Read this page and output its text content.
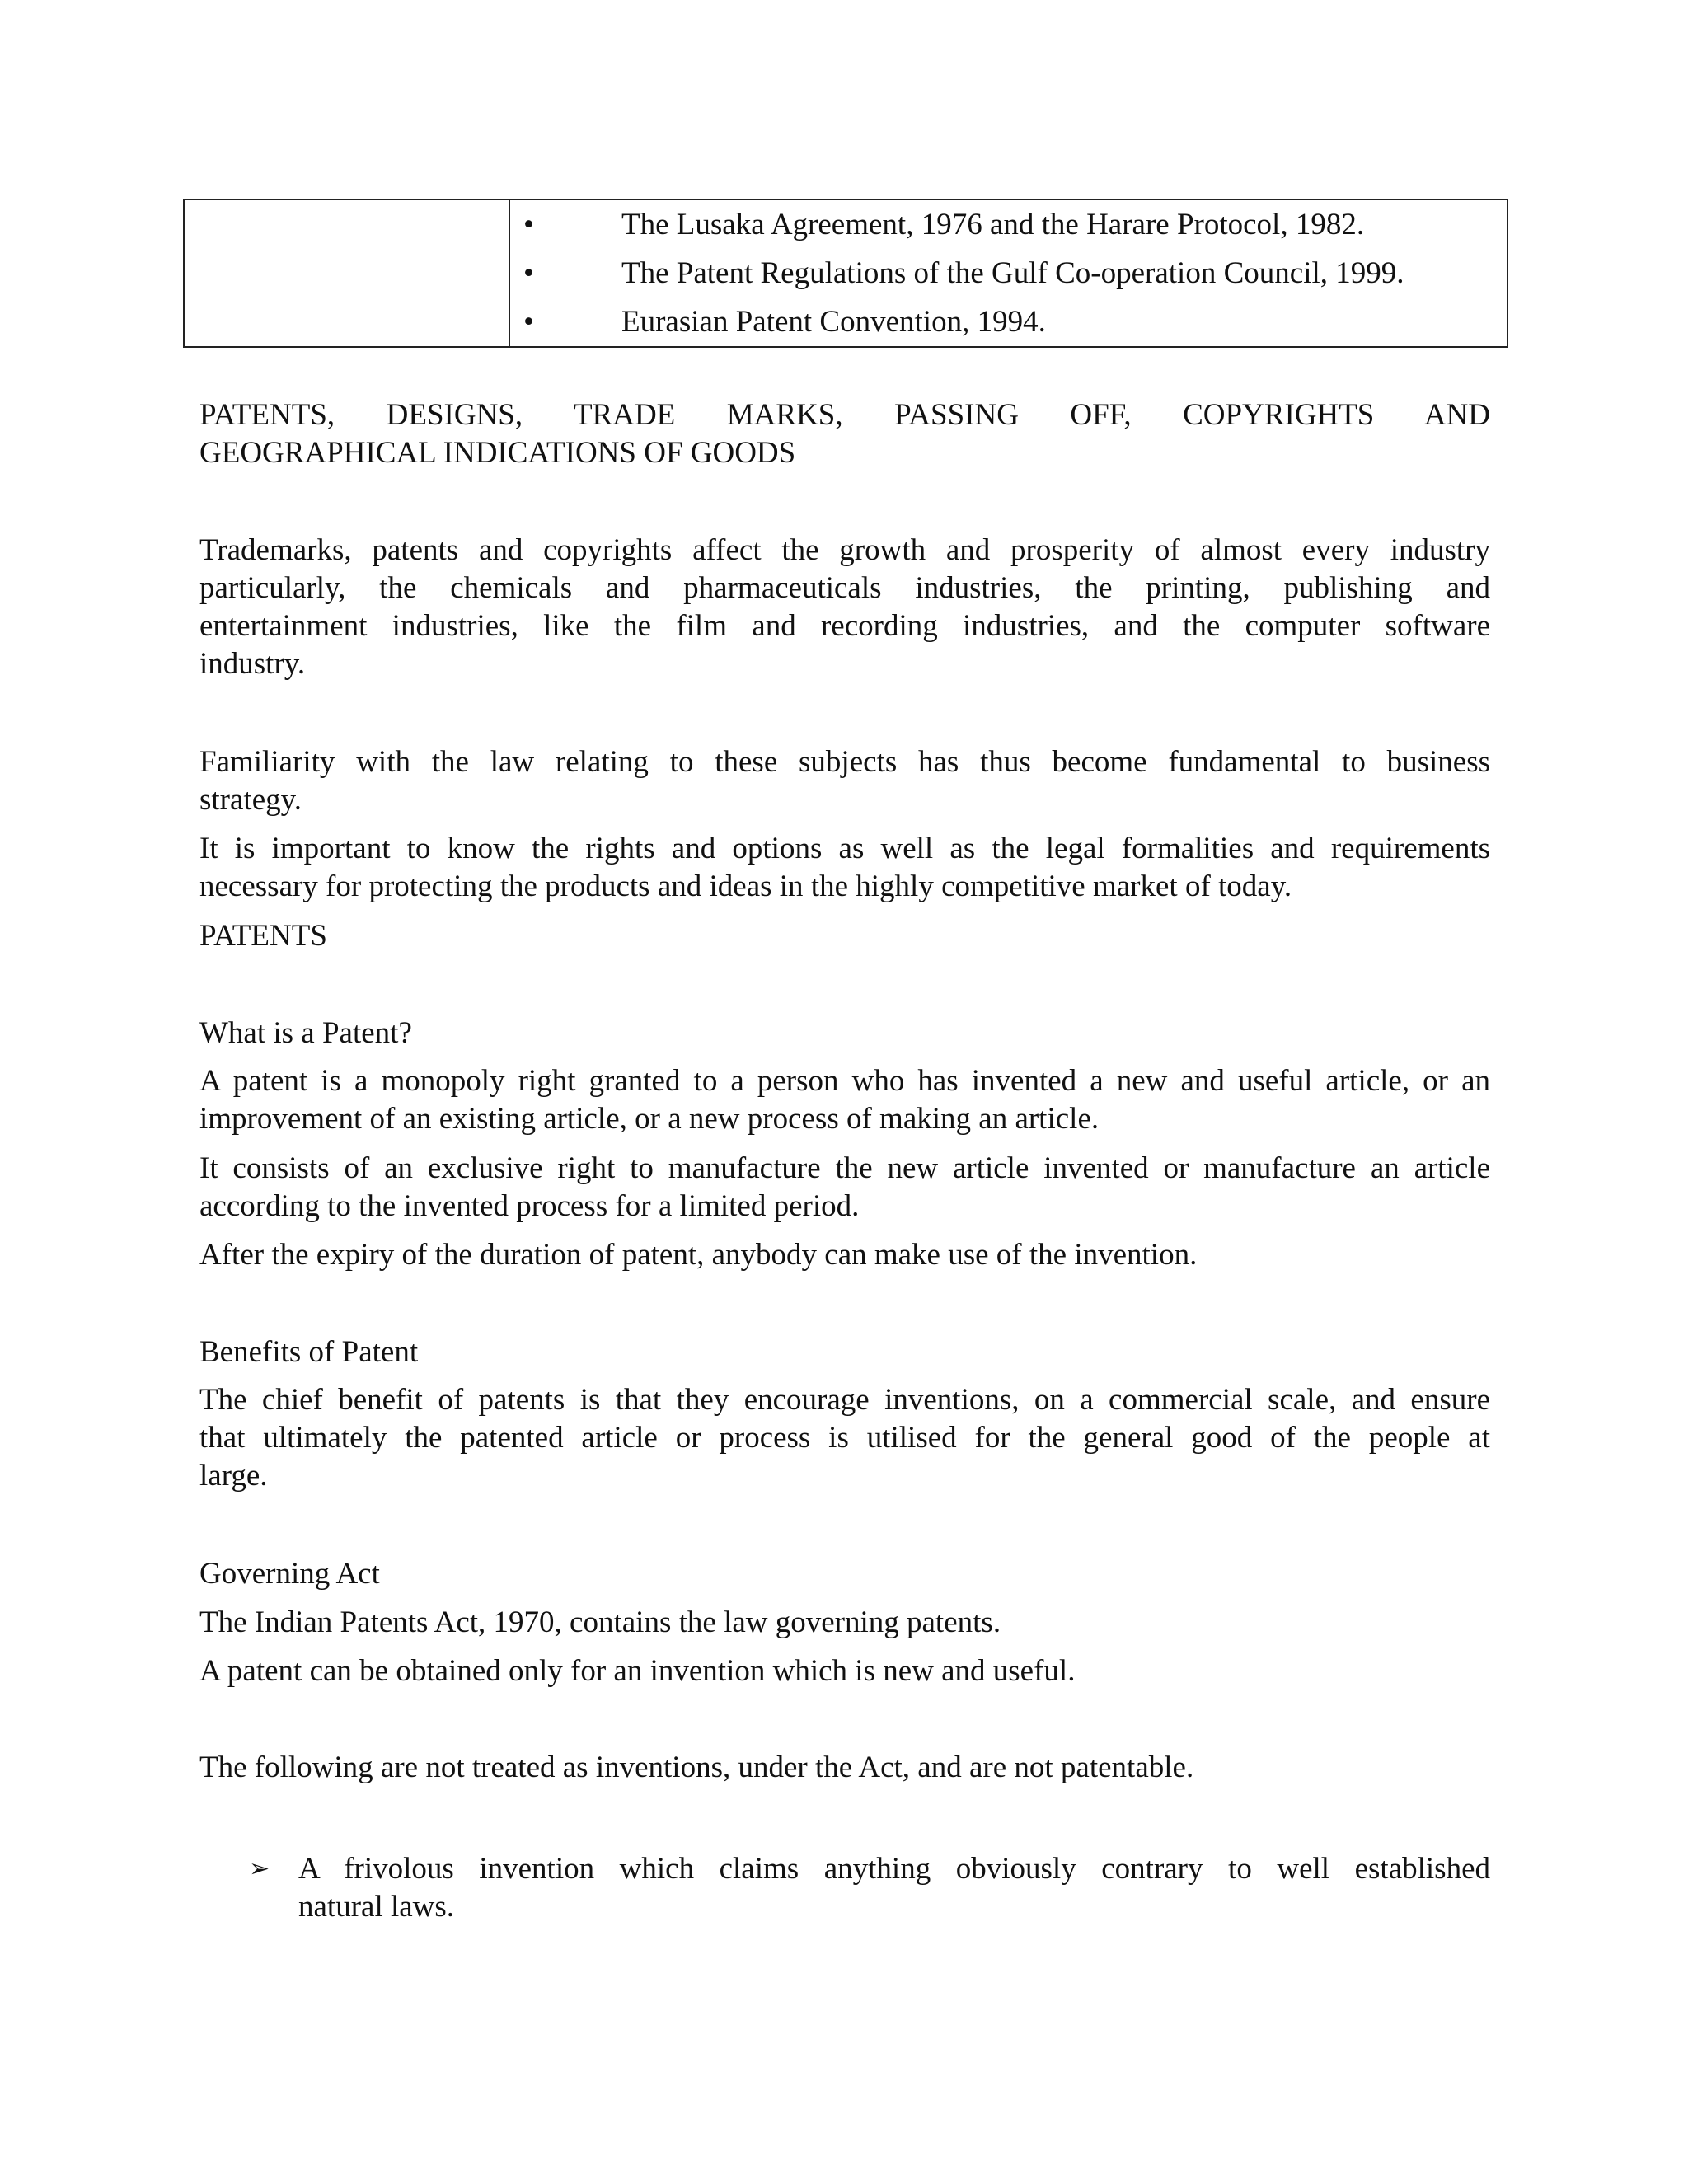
•	The Lusaka Agreement, 1976 and the Harare Protocol, 1982.
•	The Patent Regulations of the Gulf Co-operation Council, 1999.
•	Eurasian Patent Convention, 1994.
PATENTS, DESIGNS, TRADE MARKS, PASSING OFF, COPYRIGHTS AND
GEOGRAPHICAL INDICATIONS OF GOODS
Trademarks, patents and copyrights affect the growth and prosperity of almost every industry
particularly, the chemicals and pharmaceuticals industries, the printing, publishing and
entertainment industries, like the film and recording industries, and the computer software
industry.
Familiarity with the law relating to these subjects has thus become fundamental to business
strategy.
It is important to know the rights and options as well as the legal formalities and requirements
necessary for protecting the products and ideas in the highly competitive market of today.
PATENTS
What is a Patent?
A patent is a monopoly right granted to a person who has invented a new and useful article, or an
improvement of an existing article, or a new process of making an article.
It consists of an exclusive right to manufacture the new article invented or manufacture an article
according to the invented process for a limited period.
After the expiry of the duration of patent, anybody can make use of the invention.
Benefits of Patent
The chief benefit of patents is that they encourage inventions, on a commercial scale, and ensure
that ultimately the patented article or process is utilised for the general good of the people at
large.
Governing Act
The Indian Patents Act, 1970, contains the law governing patents.
A patent can be obtained only for an invention which is new and useful.
The following are not treated as inventions, under the Act, and are not patentable.
➢ A frivolous invention which claims anything obviously contrary to well established
natural laws.
